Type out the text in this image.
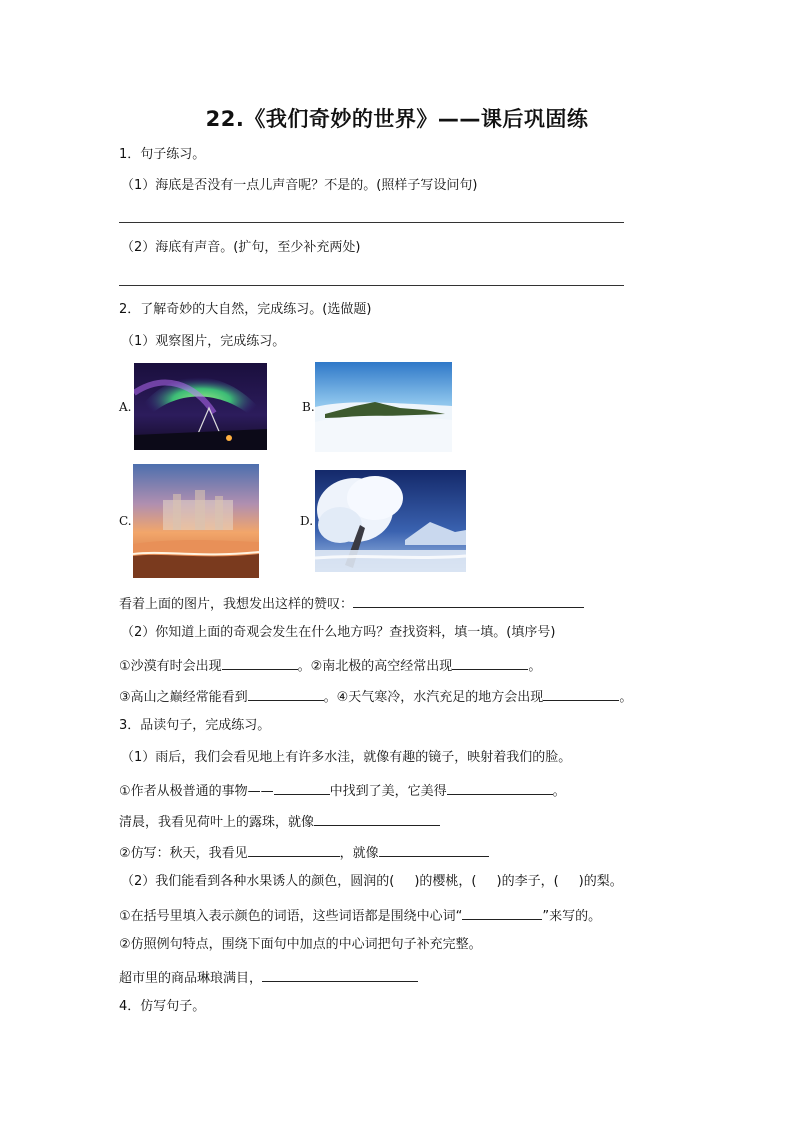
22.《我们奇妙的世界》——课后巩固练
1．句子练习。
（1）海底是否没有一点儿声音呢？不是的。(照样子写设问句)
（2）海底有声音。(扩句，至少补充两处)
2．了解奇妙的大自然，完成练习。(选做题)
（1）观察图片，完成练习。
A.	B.
C.	D.
看着上面的图片，我想发出这样的赞叹：
（2）你知道上面的奇观会发生在什么地方吗？查找资料，填一填。(填序号)
①沙漠有时会出现	。②南北极的高空经常出现	。
③高山之巅经常能看到	。④天气寒冷，水汽充足的地方会出现	。
3．品读句子，完成练习。
（1）雨后，我们会看见地上有许多水洼，就像有趣的镜子，映射着我们的脸。
①作者从极普通的事物——	中找到了美，它美得	。
清晨，我看见荷叶上的露珠，就像
②仿写：秋天，我看见	，就像
（2）我们能看到各种水果诱人的颜色，圆润的( )的樱桃，( )的李子，( )的梨。
①在括号里填入表示颜色的词语，这些词语都是围绕中心词“	”来写的。
②仿照例句特点，围绕下面句中加点的中心词把句子补充完整。
超市里的商品琳琅满目，
4．仿写句子。
